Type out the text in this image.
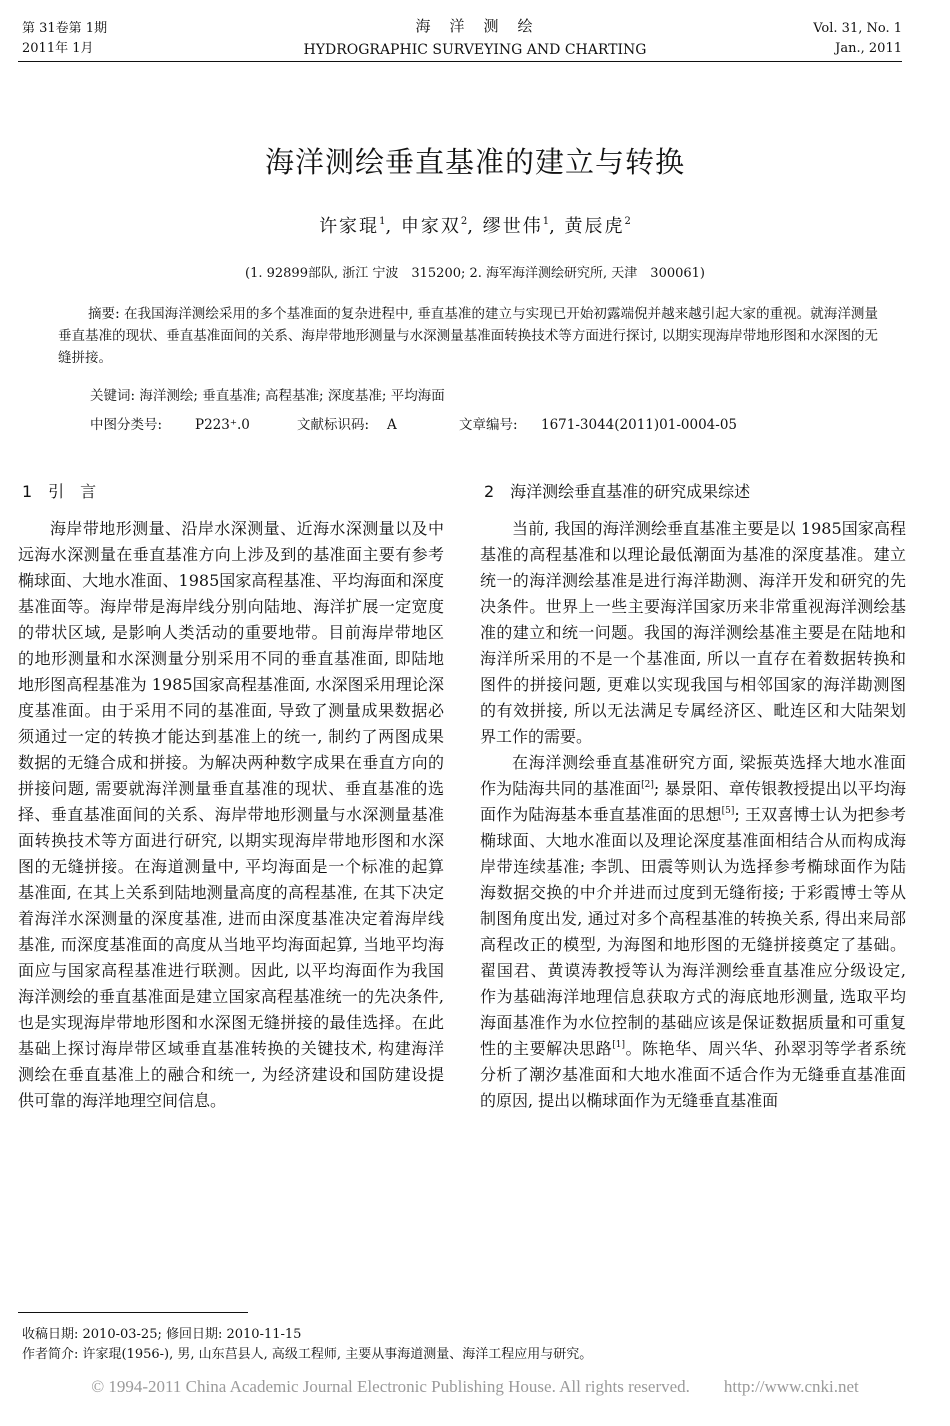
第 31卷第 1期
2011年 1月
海　洋　测　绘
HYDROGRAPHIC SURVEYING AND CHARTING
Vol. 31, No. 1
Jan., 2011
海洋测绘垂直基准的建立与转换
许家琨$^1$, 申家双$^2$, 缪世伟$^1$, 黄辰虎$^2$
(1. 92899部队, 浙江 宁波　315200; 2. 海军海洋测绘研究所, 天津　300061)
摘要: 在我国海洋测绘采用的多个基准面的复杂进程中, 垂直基准的建立与实现已开始初露端倪并越来越引起大家的重视。就海洋测量垂直基准的现状、垂直基准面间的关系、海岸带地形测量与水深测量基准面转换技术等方面进行探讨, 以期实现海岸带地形图和水深图的无缝拼接。
关键词: 海洋测绘; 垂直基准; 高程基准; 深度基准; 平均海面
中图分类号: P223⁺.0	文献标识码: A	文章编号: 1671-3044(2011)01-0004-05
1　引　言

海岸带地形测量、沿岸水深测量、近海水深测量以及中远海水深测量在垂直基准方向上涉及到的基准面主要有参考椭球面、大地水准面、1985国家高程基准、平均海面和深度基准面等。海岸带是海岸线分别向陆地、海洋扩展一定宽度的带状区域, 是影响人类活动的重要地带。目前海岸带地区的地形测量和水深测量分别采用不同的垂直基准面, 即陆地地形图高程基准为 1985国家高程基准面, 水深图采用理论深度基准面。由于采用不同的基准面, 导致了测量成果数据必须通过一定的转换才能达到基准上的统一, 制约了两图成果数据的无缝合成和拼接。为解决两种数字成果在垂直方向的拼接问题, 需要就海洋测量垂直基准的现状、垂直基准的选择、垂直基准面间的关系、海岸带地形测量与水深测量基准面转换技术等方面进行研究, 以期实现海岸带地形图和水深图的无缝拼接。在海道测量中, 平均海面是一个标准的起算基准面, 在其上关系到陆地测量高度的高程基准, 在其下决定着海洋水深测量的深度基准, 进而由深度基准决定着海岸线基准, 而深度基准面的高度从当地平均海面起算, 当地平均海面应与国家高程基准进行联测。因此, 以平均海面作为我国海洋测绘的垂直基准面是建立国家高程基准统一的先决条件, 也是实现海岸带地形图和水深图无缝拼接的最佳选择。在此基础上探讨海岸带区域垂直基准转换的关键技术, 构建海洋测绘在垂直基准上的融合和统一, 为经济建设和国防建设提供可靠的海洋地理空间信息。

2　海洋测绘垂直基准的研究成果综述

当前, 我国的海洋测绘垂直基准主要是以 1985国家高程基准的高程基准和以理论最低潮面为基准的深度基准。建立统一的海洋测绘基准是进行海洋勘测、海洋开发和研究的先决条件。世界上一些主要海洋国家历来非常重视海洋测绘基准的建立和统一问题。我国的海洋测绘基准主要是在陆地和海洋所采用的不是一个基准面, 所以一直存在着数据转换和图件的拼接问题, 更难以实现我国与相邻国家的海洋勘测图的有效拼接, 所以无法满足专属经济区、毗连区和大陆架划界工作的需要。

在海洋测绘垂直基准研究方面, 梁振英选择大地水准面作为陆海共同的基准面[2]; 暴景阳、章传银教授提出以平均海面作为陆海基本垂直基准面的思想[5]; 王双喜博士认为把参考椭球面、大地水准面以及理论深度基准面相结合从而构成海岸带连续基准; 李凯、田震等则认为选择参考椭球面作为陆海数据交换的中介并进而过度到无缝衔接; 于彩霞博士等从制图角度出发, 通过对多个高程基准的转换关系, 得出来局部高程改正的模型, 为海图和地形图的无缝拼接奠定了基础。翟国君、黄谟涛教授等认为海洋测绘垂直基准应分级设定, 作为基础海洋地理信息获取方式的海底地形测量, 选取平均海面基准作为水位控制的基础应该是保证数据质量和可重复性的主要解决思路[1]。陈艳华、周兴华、孙翠羽等学者系统分析了潮汐基准面和大地水准面不适合作为无缝垂直基准面的原因, 提出以椭球面作为无缝垂直基准面

收稿日期: 2010-03-25; 修回日期: 2010-11-15
作者简介: 许家琨(1956-), 男, 山东莒县人, 高级工程师, 主要从事海道测量、海洋工程应用与研究。
© 1994-2011 China Academic Journal Electronic Publishing House. All rights reserved.　　http://www.cnki.net
